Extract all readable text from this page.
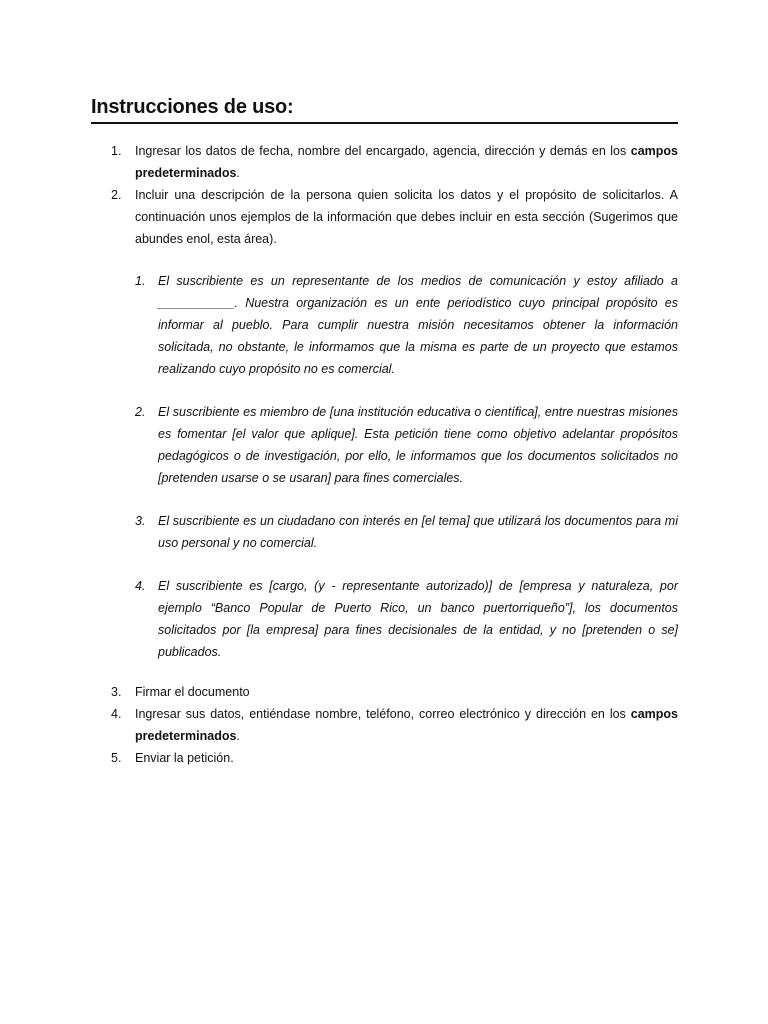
Instrucciones de uso:
1. Ingresar los datos de fecha, nombre del encargado, agencia, dirección y demás en los campos predeterminados.
2. Incluir una descripción de la persona quien solicita los datos y el propósito de solicitarlos. A continuación unos ejemplos de la información que debes incluir en esta sección (Sugerimos que abundes enol, esta área).
1. El suscribiente es un representante de los medios de comunicación y estoy afiliado a ___________. Nuestra organización es un ente periodístico cuyo principal propósito es informar al pueblo. Para cumplir nuestra misión necesitamos obtener la información solicitada, no obstante, le informamos que la misma es parte de un proyecto que estamos realizando cuyo propósito no es comercial.
2. El suscribiente es miembro de [una institución educativa o científica], entre nuestras misiones es fomentar [el valor que aplique]. Esta petición tiene como objetivo adelantar propósitos pedagógicos o de investigación, por ello, le informamos que los documentos solicitados no [pretenden usarse o se usaran] para fines comerciales.
3. El suscribiente es un ciudadano con interés en [el tema] que utilizará los documentos para mi uso personal y no comercial.
4. El suscribiente es [cargo, (y - representante autorizado)] de [empresa y naturaleza, por ejemplo “Banco Popular de Puerto Rico, un banco puertorriqueño”], los documentos solicitados por [la empresa] para fines decisionales de la entidad, y no [pretenden o se] publicados.
3. Firmar el documento
4. Ingresar sus datos, entiéndase nombre, teléfono, correo electrónico y dirección en los campos predeterminados.
5. Enviar la petición.
